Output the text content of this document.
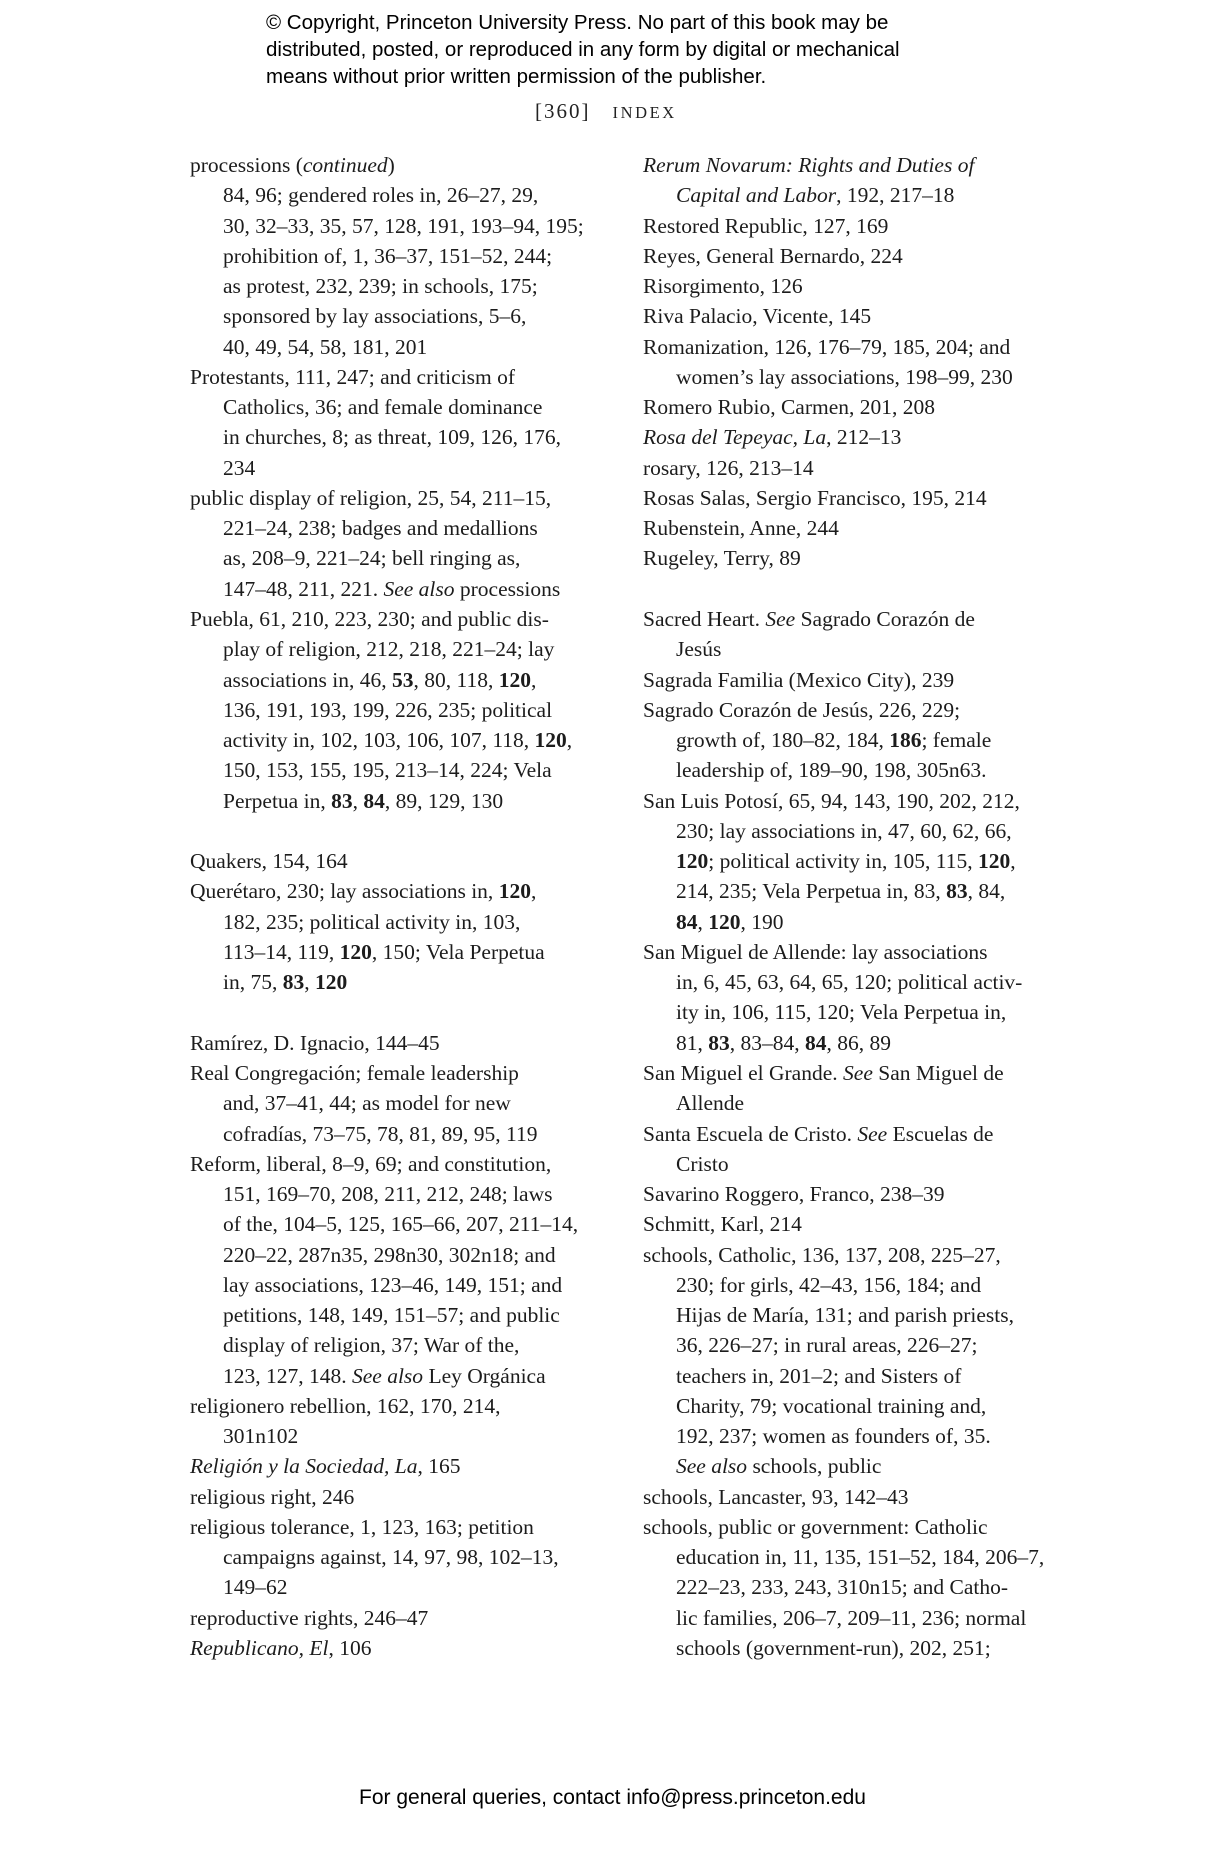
© Copyright, Princeton University Press. No part of this book may be
distributed, posted, or reproduced in any form by digital or mechanical
means without prior written permission of the publisher.
[360] INDEX
processions (continued)
84, 96; gendered roles in, 26–27, 29,
30, 32–33, 35, 57, 128, 191, 193–94, 195;
prohibition of, 1, 36–37, 151–52, 244;
as protest, 232, 239; in schools, 175;
sponsored by lay associations, 5–6,
40, 49, 54, 58, 181, 201
Protestants, 111, 247; and criticism of
Catholics, 36; and female dominance
in churches, 8; as threat, 109, 126, 176,
234
public display of religion, 25, 54, 211–15,
221–24, 238; badges and medallions
as, 208–9, 221–24; bell ringing as,
147–48, 211, 221. See also processions
Puebla, 61, 210, 223, 230; and public dis-
play of religion, 212, 218, 221–24; lay
associations in, 46, 53, 80, 118, 120,
136, 191, 193, 199, 226, 235; political
activity in, 102, 103, 106, 107, 118, 120,
150, 153, 155, 195, 213–14, 224; Vela
Perpetua in, 83, 84, 89, 129, 130
Quakers, 154, 164
Querétaro, 230; lay associations in, 120,
182, 235; political activity in, 103,
113–14, 119, 120, 150; Vela Perpetua
in, 75, 83, 120
Ramírez, D. Ignacio, 144–45
Real Congregación; female leadership
and, 37–41, 44; as model for new
cofradías, 73–75, 78, 81, 89, 95, 119
Reform, liberal, 8–9, 69; and constitution,
151, 169–70, 208, 211, 212, 248; laws
of the, 104–5, 125, 165–66, 207, 211–14,
220–22, 287n35, 298n30, 302n18; and
lay associations, 123–46, 149, 151; and
petitions, 148, 149, 151–57; and public
display of religion, 37; War of the,
123, 127, 148. See also Ley Orgánica
religionero rebellion, 162, 170, 214,
301n102
Religión y la Sociedad, La, 165
religious right, 246
religious tolerance, 1, 123, 163; petition
campaigns against, 14, 97, 98, 102–13,
149–62
reproductive rights, 246–47
Republicano, El, 106
Rerum Novarum: Rights and Duties of
Capital and Labor, 192, 217–18
Restored Republic, 127, 169
Reyes, General Bernardo, 224
Risorgimento, 126
Riva Palacio, Vicente, 145
Romanization, 126, 176–79, 185, 204; and
women’s lay associations, 198–99, 230
Romero Rubio, Carmen, 201, 208
Rosa del Tepeyac, La, 212–13
rosary, 126, 213–14
Rosas Salas, Sergio Francisco, 195, 214
Rubenstein, Anne, 244
Rugeley, Terry, 89
Sacred Heart. See Sagrado Corazón de
Jesús
Sagrada Familia (Mexico City), 239
Sagrado Corazón de Jesús, 226, 229;
growth of, 180–82, 184, 186; female
leadership of, 189–90, 198, 305n63.
San Luis Potosí, 65, 94, 143, 190, 202, 212,
230; lay associations in, 47, 60, 62, 66,
120; political activity in, 105, 115, 120,
214, 235; Vela Perpetua in, 83, 83, 84,
84, 120, 190
San Miguel de Allende: lay associations
in, 6, 45, 63, 64, 65, 120; political activ-
ity in, 106, 115, 120; Vela Perpetua in,
81, 83, 83–84, 84, 86, 89
San Miguel el Grande. See San Miguel de
Allende
Santa Escuela de Cristo. See Escuelas de
Cristo
Savarino Roggero, Franco, 238–39
Schmitt, Karl, 214
schools, Catholic, 136, 137, 208, 225–27,
230; for girls, 42–43, 156, 184; and
Hijas de María, 131; and parish priests,
36, 226–27; in rural areas, 226–27;
teachers in, 201–2; and Sisters of
Charity, 79; vocational training and,
192, 237; women as founders of, 35.
See also schools, public
schools, Lancaster, 93, 142–43
schools, public or government: Catholic
education in, 11, 135, 151–52, 184, 206–7,
222–23, 233, 243, 310n15; and Catho-
lic families, 206–7, 209–11, 236; normal
schools (government-run), 202, 251;
For general queries, contact info@press.princeton.edu
